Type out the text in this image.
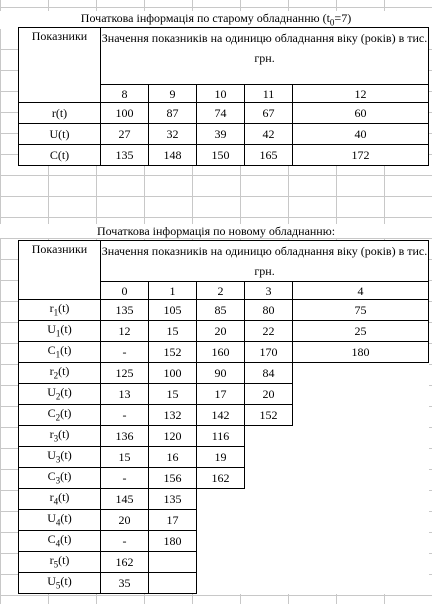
Початкова інформація по старому обладнанню $(t_0=7)$
Показники	Значення показників на одиницю обладнання віку (років) в тис. грн.				
	8	9	10	11	12
r(t)	100	87	74	67	60
U(t)	27	32	39	42	40
C(t)	135	148	150	165	172
Початкова інформація по новому обладнанню:
Показники	Значення показників на одиницю обладнання віку (років) в тис. грн.				
	0	1	2	3	4
$r_1(t)$	135	105	85	80	75
$U_1(t)$	12	15	20	22	25
$C_1(t)$	-	152	160	170	180
$r_2(t)$	125	100	90	84	
$U_2(t)$	13	15	17	20	
$C_2(t)$	-	132	142	152	
$r_3(t)$	136	120	116		
$U_3(t)$	15	16	19		
$C_3(t)$	-	156	162		
$r_4(t)$	145	135			
$U_4(t)$	20	17			
$C_4(t)$	-	180			
$r_5(t)$	162				
$U_5(t)$	35				
